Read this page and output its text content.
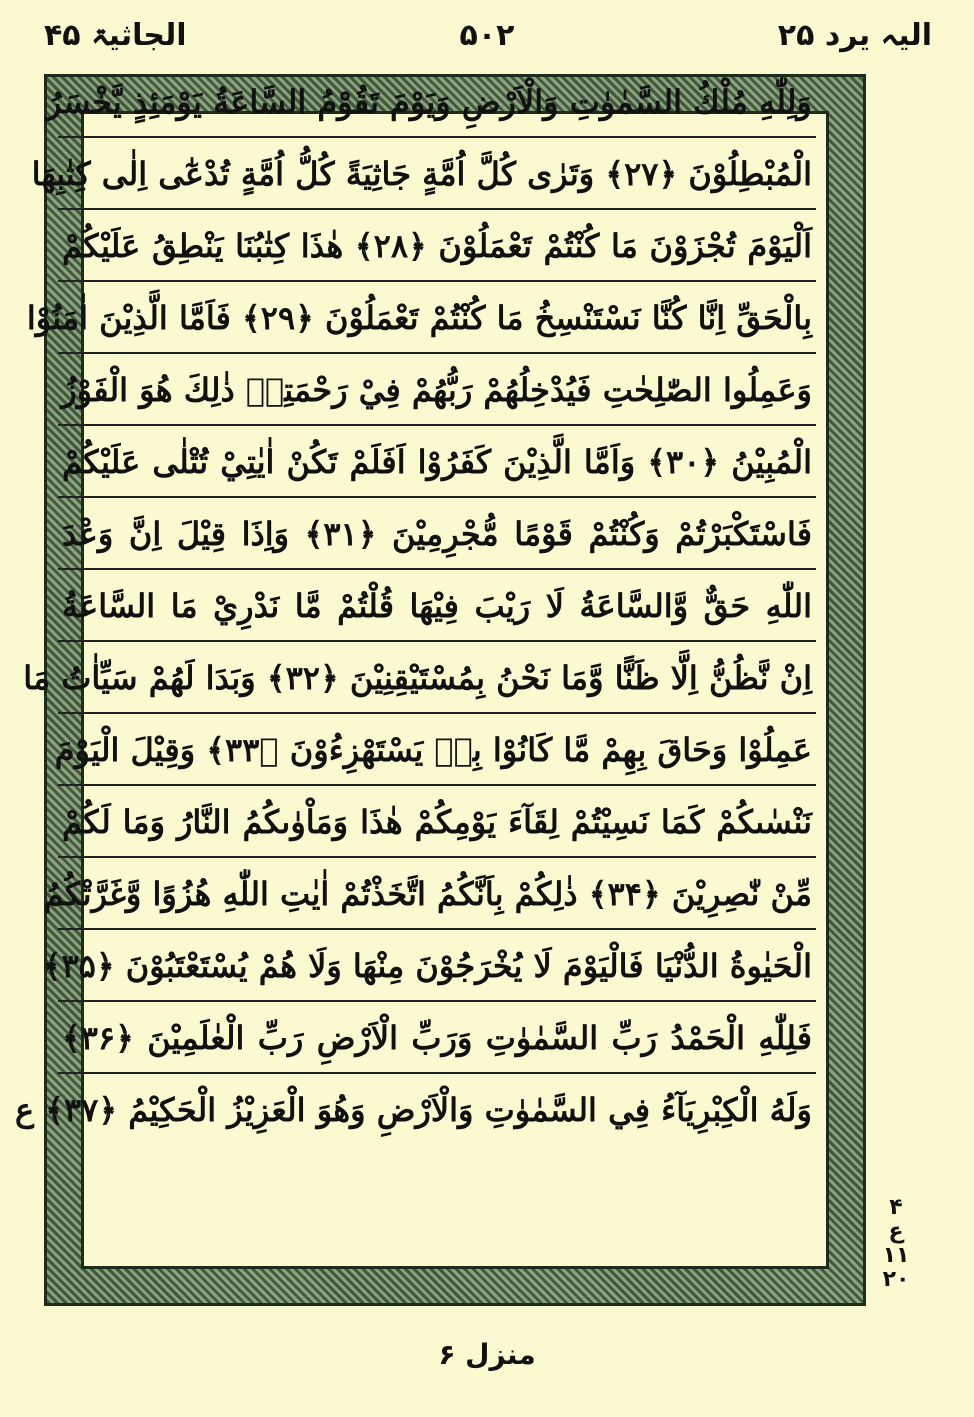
الیہ یرد ۲۵
۵۰۲
الجاثیۃ ۴۵
وَلِلّٰهِ مُلْكُ السَّمٰوٰتِ وَالْاَرْضِ وَيَوْمَ تَقُوْمُ السَّاعَةُ يَوْمَئِذٍ يَّخْسَرُ
الْمُبْطِلُوْنَ ﴿۲۷﴾ وَتَرٰى كُلَّ اُمَّةٍ جَاثِيَةً كُلُّ اُمَّةٍ تُدْعٰٓى اِلٰى كِتٰبِهَا
اَلْيَوْمَ تُجْزَوْنَ مَا كُنْتُمْ تَعْمَلُوْنَ ﴿۲۸﴾ هٰذَا كِتٰبُنَا يَنْطِقُ عَلَيْكُمْ
بِالْحَقِّ اِنَّا كُنَّا نَسْتَنْسِخُ مَا كُنْتُمْ تَعْمَلُوْنَ ﴿۲۹﴾ فَاَمَّا الَّذِيْنَ اٰمَنُوْا
وَعَمِلُوا الصّٰلِحٰتِ فَيُدْخِلُهُمْ رَبُّهُمْ فِيْ رَحْمَتِهٖ ذٰلِكَ هُوَ الْفَوْزُ
الْمُبِيْنُ ﴿۳۰﴾ وَاَمَّا الَّذِيْنَ كَفَرُوْا اَفَلَمْ تَكُنْ اٰيٰتِيْ تُتْلٰى عَلَيْكُمْ
فَاسْتَكْبَرْتُمْ وَكُنْتُمْ قَوْمًا مُّجْرِمِيْنَ ﴿۳۱﴾ وَاِذَا قِيْلَ اِنَّ وَعْدَ
اللّٰهِ حَقٌّ وَّالسَّاعَةُ لَا رَيْبَ فِيْهَا قُلْتُمْ مَّا نَدْرِيْ مَا السَّاعَةُ
اِنْ نَّظُنُّ اِلَّا ظَنًّا وَّمَا نَحْنُ بِمُسْتَيْقِنِيْنَ ﴿۳۲﴾ وَبَدَا لَهُمْ سَيِّاٰتُ مَا
عَمِلُوْا وَحَاقَ بِهِمْ مَّا كَانُوْا بِهٖ يَسْتَهْزِءُوْنَ ﴿۳۳﴾ وَقِيْلَ الْيَوْمَ
نَنْسٰىكُمْ كَمَا نَسِيْتُمْ لِقَآءَ يَوْمِكُمْ هٰذَا وَمَاْوٰىكُمُ النَّارُ وَمَا لَكُمْ
مِّنْ نّٰصِرِيْنَ ﴿۳۴﴾ ذٰلِكُمْ بِاَنَّكُمُ اتَّخَذْتُمْ اٰيٰتِ اللّٰهِ هُزُوًا وَّغَرَّتْكُمُ
الْحَيٰوةُ الدُّنْيَا فَالْيَوْمَ لَا يُخْرَجُوْنَ مِنْهَا وَلَا هُمْ يُسْتَعْتَبُوْنَ ﴿۳۵﴾
فَلِلّٰهِ الْحَمْدُ رَبِّ السَّمٰوٰتِ وَرَبِّ الْاَرْضِ رَبِّ الْعٰلَمِيْنَ ﴿۳۶﴾
وَلَهُ الْكِبْرِيَآءُ فِي السَّمٰوٰتِ وَالْاَرْضِ وَهُوَ الْعَزِيْزُ الْحَكِيْمُ ﴿۳۷﴾ ع
۴
ع
۱۱
۲۰
منزل ۶
